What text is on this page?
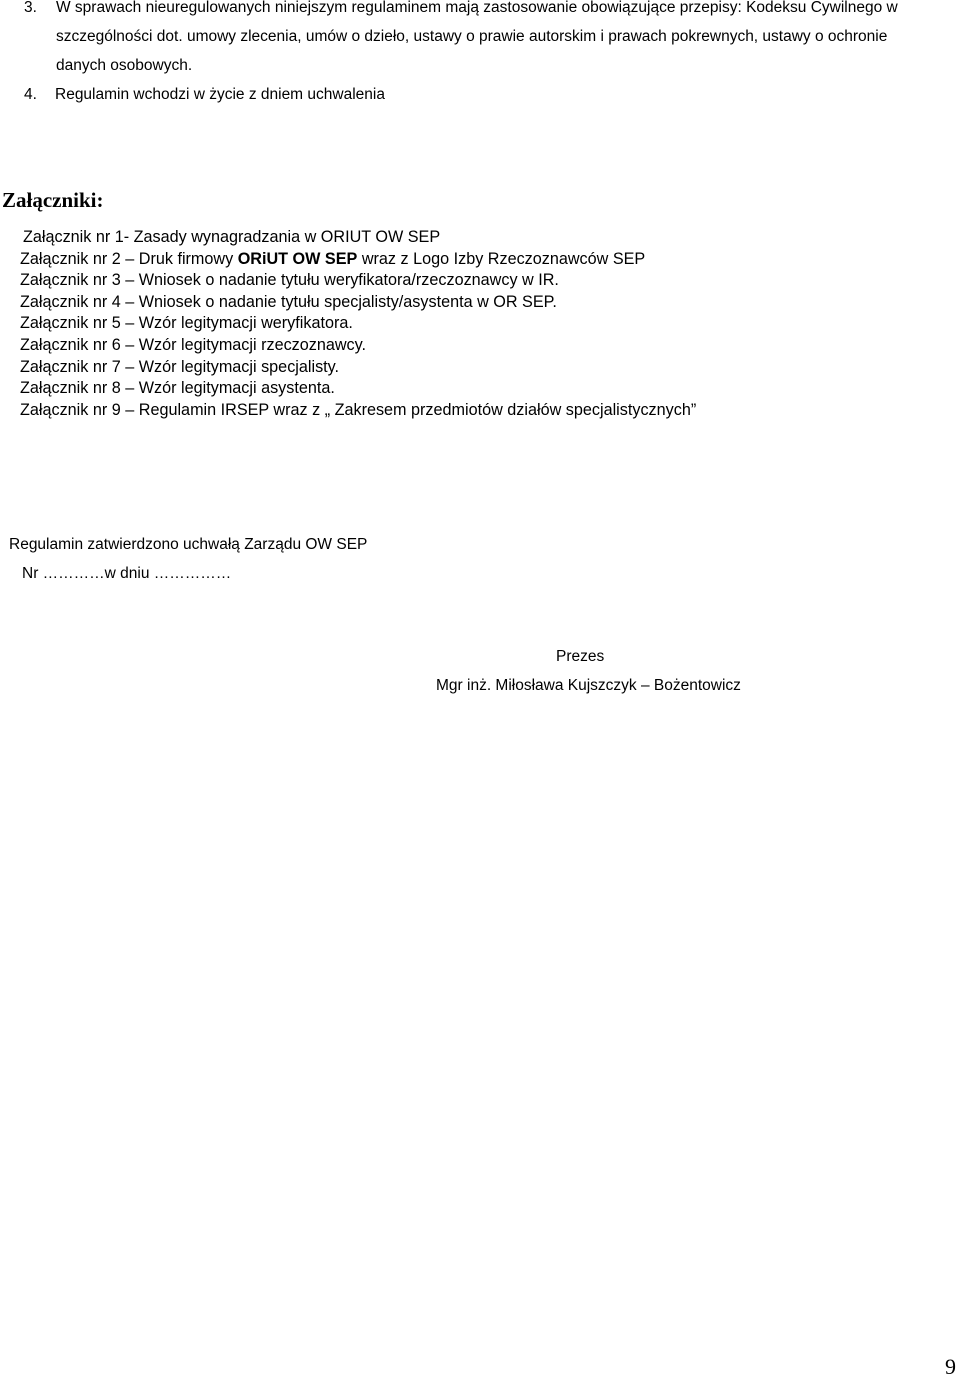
3.	W sprawach nieuregulowanych niniejszym regulaminem mają zastosowanie obowiązujące przepisy: Kodeksu Cywilnego w
szczególności dot. umowy zlecenia, umów o dzieło, ustawy o prawie autorskim i prawach pokrewnych, ustawy o ochronie
danych osobowych.
4. Regulamin wchodzi w życie z dniem uchwalenia
Załączniki:
Załącznik nr 1- Zasady wynagradzania w ORIUT OW SEP
Załącznik nr 2 – Druk firmowy ORiUT OW SEP wraz z Logo Izby Rzeczoznawców SEP
Załącznik nr 3 – Wniosek o nadanie tytułu weryfikatora/rzeczoznawcy w IR.
Załącznik nr 4 – Wniosek o nadanie tytułu specjalisty/asystenta w OR SEP.
Załącznik nr 5 – Wzór legitymacji weryfikatora.
Załącznik nr 6 – Wzór legitymacji rzeczoznawcy.
Załącznik nr 7 – Wzór legitymacji specjalisty.
Załącznik nr 8 – Wzór legitymacji asystenta.
Załącznik nr 9 – Regulamin IRSEP wraz z „ Zakresem przedmiotów działów specjalistycznych”
Regulamin zatwierdzono uchwałą Zarządu OW SEP
Nr …………w dniu ……………
Prezes
Mgr inż. Miłosława Kujszczyk – Bożentowicz
9
